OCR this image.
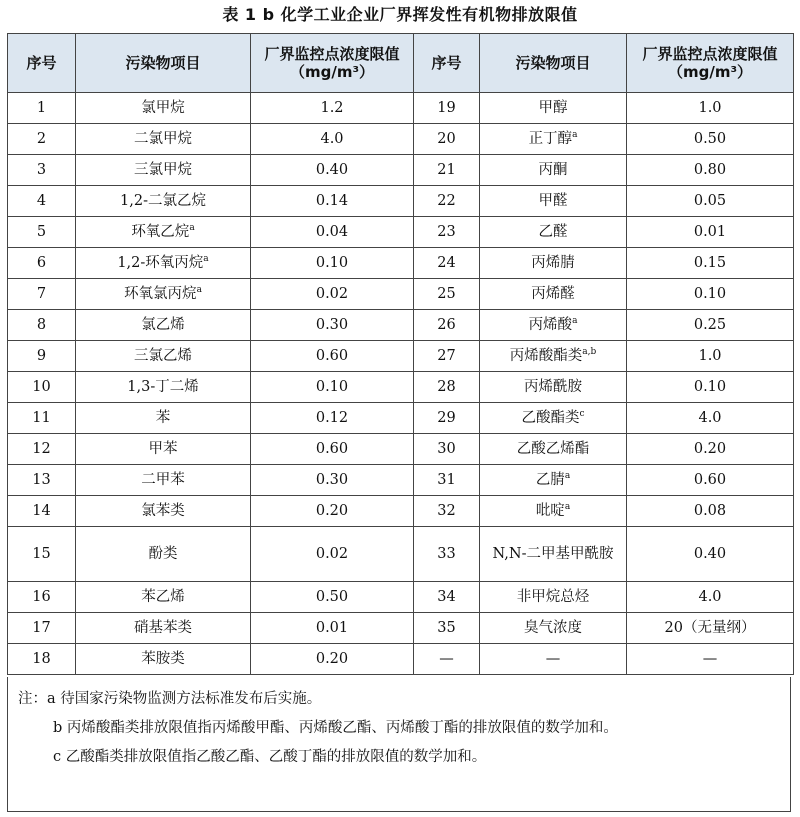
表 1 b 化学工业企业厂界挥发性有机物排放限值
序号	污染物项目	厂界监控点浓度限值（mg/m³）	序号	污染物项目	厂界监控点浓度限值（mg/m³）
1	氯甲烷	1.2	19	甲醇	1.0
2	二氯甲烷	4.0	20	正丁醇$^a$	0.50
3	三氯甲烷	0.40	21	丙酮	0.80
4	1,2-二氯乙烷	0.14	22	甲醛	0.05
5	环氧乙烷$^a$	0.04	23	乙醛	0.01
6	1,2-环氧丙烷$^a$	0.10	24	丙烯腈	0.15
7	环氧氯丙烷$^a$	0.02	25	丙烯醛	0.10
8	氯乙烯	0.30	26	丙烯酸$^a$	0.25
9	三氯乙烯	0.60	27	丙烯酸酯类$^{a,b}$	1.0
10	1,3-丁二烯	0.10	28	丙烯酰胺	0.10
11	苯	0.12	29	乙酸酯类$^c$	4.0
12	甲苯	0.60	30	乙酸乙烯酯	0.20
13	二甲苯	0.30	31	乙腈$^a$	0.60
14	氯苯类	0.20	32	吡啶$^a$	0.08
15	酚类	0.02	33	N,N-二甲基甲酰胺	0.40
16	苯乙烯	0.50	34	非甲烷总烃	4.0
17	硝基苯类	0.01	35	臭气浓度	20（无量纲）
18	苯胺类	0.20	—	—	—
注：a 待国家污染物监测方法标准发布后实施。
b 丙烯酸酯类排放限值指丙烯酸甲酯、丙烯酸乙酯、丙烯酸丁酯的排放限值的数学加和。
c 乙酸酯类排放限值指乙酸乙酯、乙酸丁酯的排放限值的数学加和。
